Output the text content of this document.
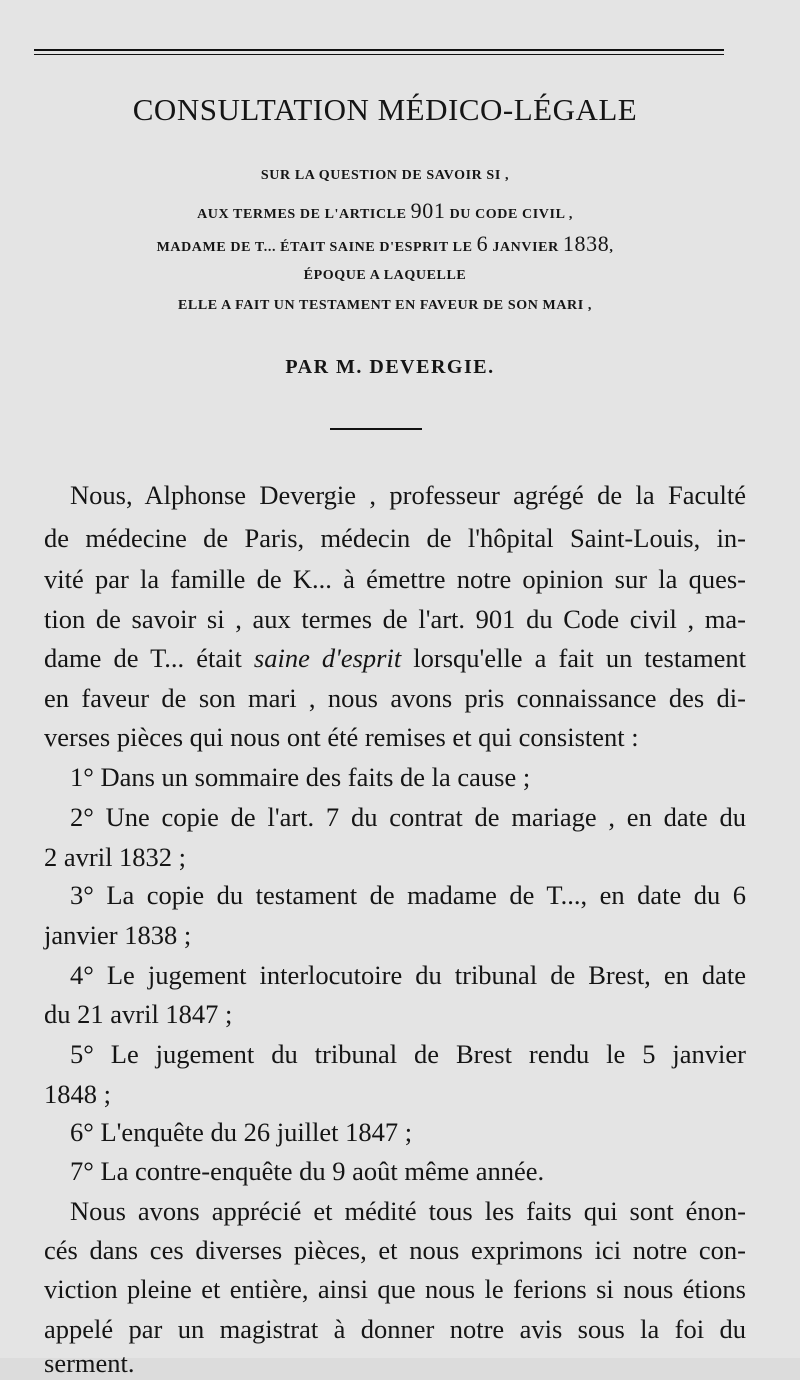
CONSULTATION MÉDICO-LÉGALE
SUR LA QUESTION DE SAVOIR SI ,
AUX TERMES DE L'ARTICLE 901 DU CODE CIVIL ,
MADAME DE T... ÉTAIT SAINE D'ESPRIT LE 6 JANVIER 1838,
ÉPOQUE A LAQUELLE
ELLE A FAIT UN TESTAMENT EN FAVEUR DE SON MARI ,
PAR M. DEVERGIE.
Nous, Alphonse Devergie , professeur agrégé de la Faculté
de médecine de Paris, médecin de l'hôpital Saint-Louis, in-
vité par la famille de K... à émettre notre opinion sur la ques-
tion de savoir si , aux termes de l'art. 901 du Code civil , ma-
dame de T... était saine d'esprit lorsqu'elle a fait un testament
en faveur de son mari , nous avons pris connaissance des di-
verses pièces qui nous ont été remises et qui consistent :
1° Dans un sommaire des faits de la cause ;
2° Une copie de l'art. 7 du contrat de mariage , en date du
2 avril 1832 ;
3° La copie du testament de madame de T..., en date du 6
janvier 1838 ;
4° Le jugement interlocutoire du tribunal de Brest, en date
du 21 avril 1847 ;
5° Le jugement du tribunal de Brest rendu le 5 janvier
1848 ;
6° L'enquête du 26 juillet 1847 ;
7° La contre-enquête du 9 août même année.
Nous avons apprécié et médité tous les faits qui sont énon-
cés dans ces diverses pièces, et nous exprimons ici notre con-
viction pleine et entière, ainsi que nous le ferions si nous étions
appelé par un magistrat à donner notre avis sous la foi du
serment.
